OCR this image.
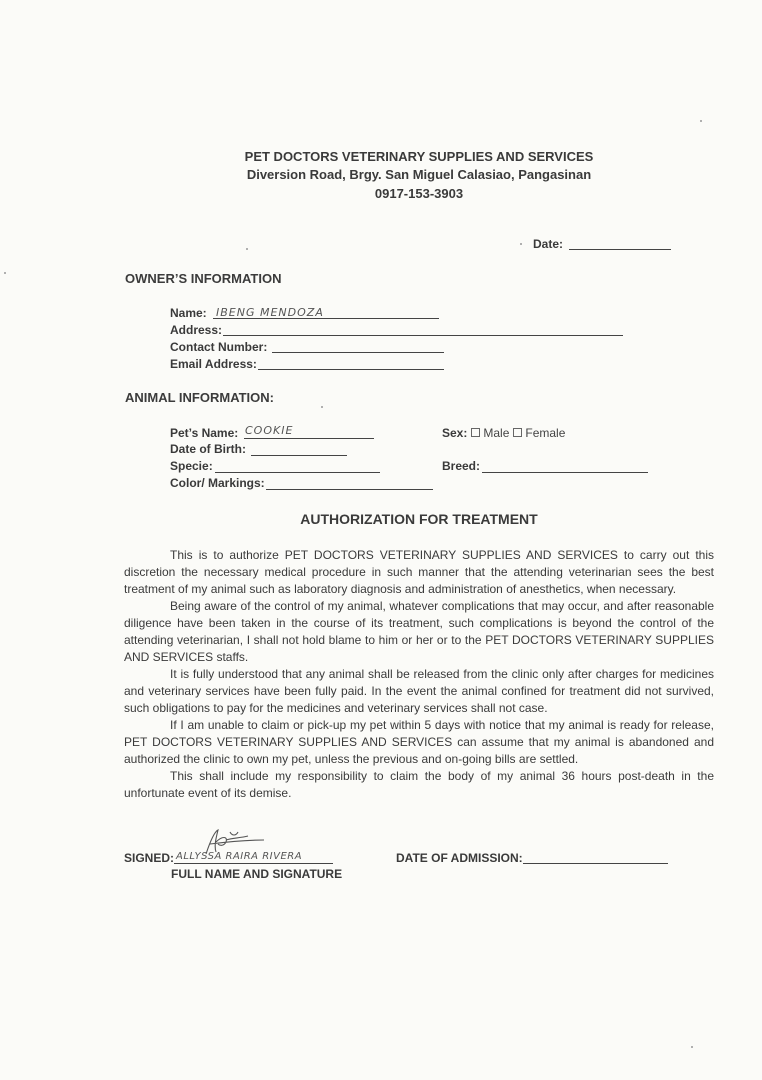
PET DOCTORS VETERINARY SUPPLIES AND SERVICES
Diversion Road, Brgy. San Miguel Calasiao, Pangasinan
0917-153-3903
Date:
OWNER’S INFORMATION
Name: IBENG MENDOZA
Address:
Contact Number:
Email Address:
ANIMAL INFORMATION:
Pet’s Name: COOKIE
Date of Birth:
Specie:
Color/ Markings:
Sex: Male Female
Breed:
AUTHORIZATION FOR TREATMENT

This is to authorize PET DOCTORS VETERINARY SUPPLIES AND SERVICES to carry out this discretion the necessary medical procedure in such manner that the attending veterinarian sees the best treatment of my animal such as laboratory diagnosis and administration of anesthetics, when necessary.

Being aware of the control of my animal, whatever complications that may occur, and after reasonable diligence have been taken in the course of its treatment, such complications is beyond the control of the attending veterinarian, I shall not hold blame to him or her or to the PET DOCTORS VETERINARY SUPPLIES AND SERVICES staffs.

It is fully understood that any animal shall be released from the clinic only after charges for medicines and veterinary services have been fully paid. In the event the animal confined for treatment did not survived, such obligations to pay for the medicines and veterinary services shall not case.

If I am unable to claim or pick-up my pet within 5 days with notice that my animal is ready for release, PET DOCTORS VETERINARY SUPPLIES AND SERVICES can assume that my animal is abandoned and authorized the clinic to own my pet, unless the previous and on-going bills are settled.

This shall include my responsibility to claim the body of my animal 36 hours post-death in the unfortunate event of its demise.

SIGNED: ALLYSSA RAIRA RIVERA
FULL NAME AND SIGNATURE
DATE OF ADMISSION:
